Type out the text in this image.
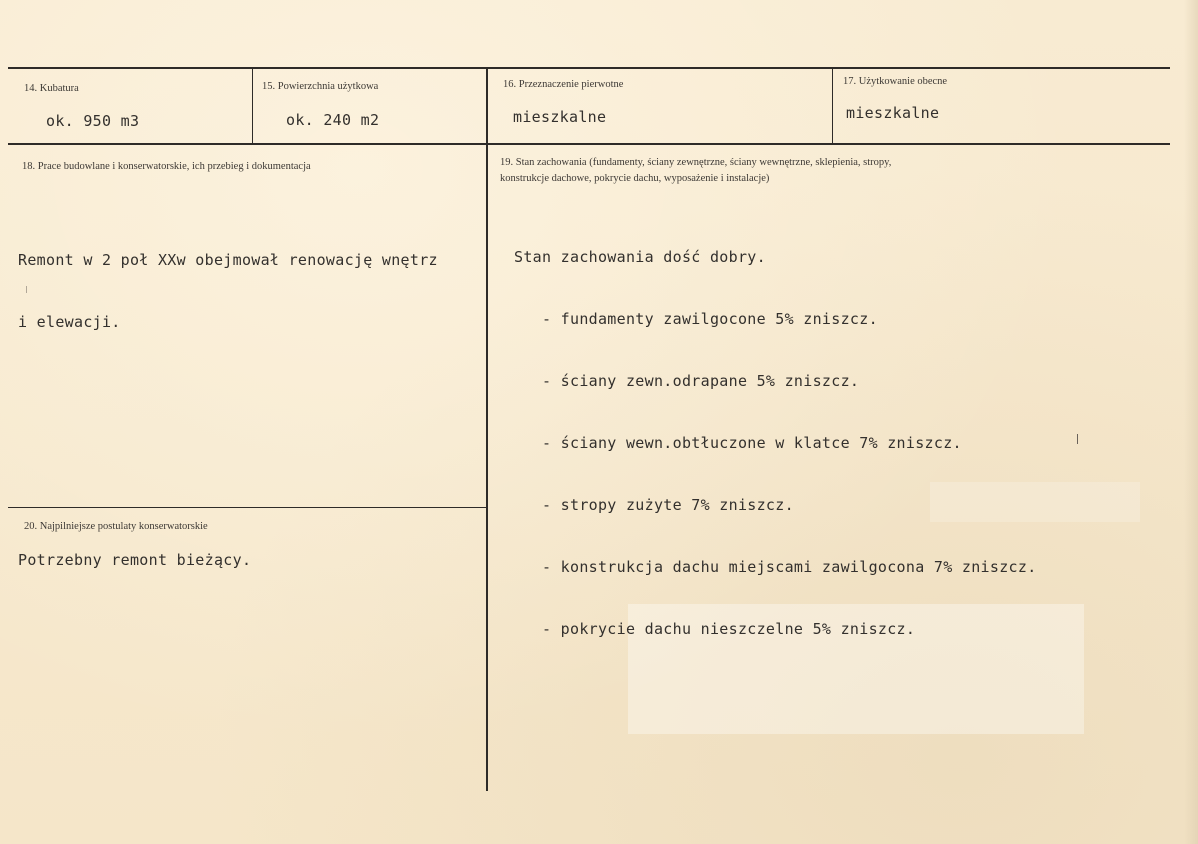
14. Kubatura
ok. 950 m3
15. Powierzchnia użytkowa
ok. 240 m2
16. Przeznaczenie pierwotne
mieszkalne
17. Użytkowanie obecne
mieszkalne
18. Prace budowlane i konserwatorskie, ich przebieg i dokumentacja

Remont w 2 poł XXw obejmował renowację wnętrz

i elewacji.

19. Stan zachowania (fundamenty, ściany zewnętrzne, ściany wewnętrzne, sklepienia, stropy,
konstrukcje dachowe, pokrycie dachu, wyposażenie i instalacje)

Stan zachowania dość dobry.

- fundamenty zawilgocone 5% zniszcz.

- ściany zewn.odrapane 5% zniszcz.

- ściany wewn.obtłuczone w klatce 7% zniszcz.

- stropy zużyte 7% zniszcz.

- konstrukcja dachu miejscami zawilgocona 7% zniszcz.

- pokrycie dachu nieszczelne 5% zniszcz.

20. Najpilniejsze postulaty konserwatorskie
Potrzebny remont bieżący.
